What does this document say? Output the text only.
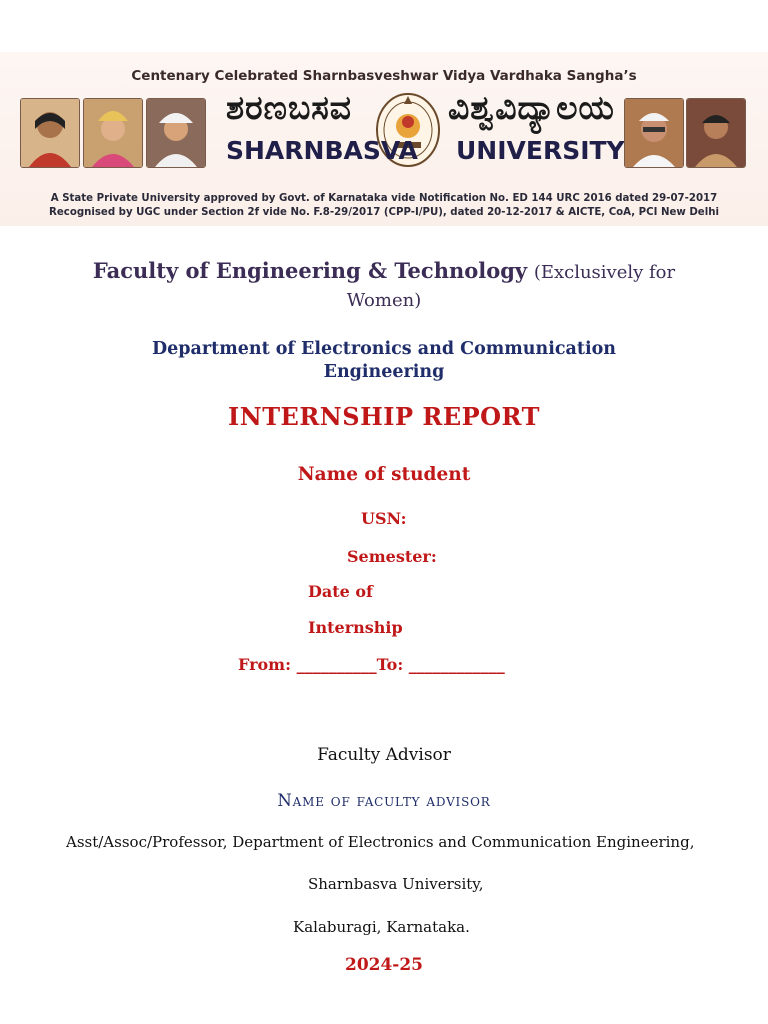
Centenary Celebrated Sharnbasveshwar Vidya Vardhaka Sangha’s
ಶರಣಬಸವ	ವಿಶ್ವವಿದ್ಯಾಲಯ
SHARNBASVA UNIVERSITY
A State Private University approved by Govt. of Karnataka vide Notification No. ED 144 URC 2016 dated 29-07-2017
Recognised by UGC under Section 2f vide No. F.8-29/2017 (CPP-I/PU), dated 20-12-2017 & AICTE, CoA, PCI New Delhi
Faculty of Engineering & Technology (Exclusively for
Women)
Department of Electronics and Communication
Engineering
INTERNSHIP REPORT
Name of student
USN:
Semester:
Date of
Internship
From: __________To: ____________
Faculty Advisor
Name of faculty advisor
Asst/Assoc/Professor, Department of Electronics and Communication Engineering,
Sharnbasva University,
Kalaburagi, Karnataka.
2024-25
